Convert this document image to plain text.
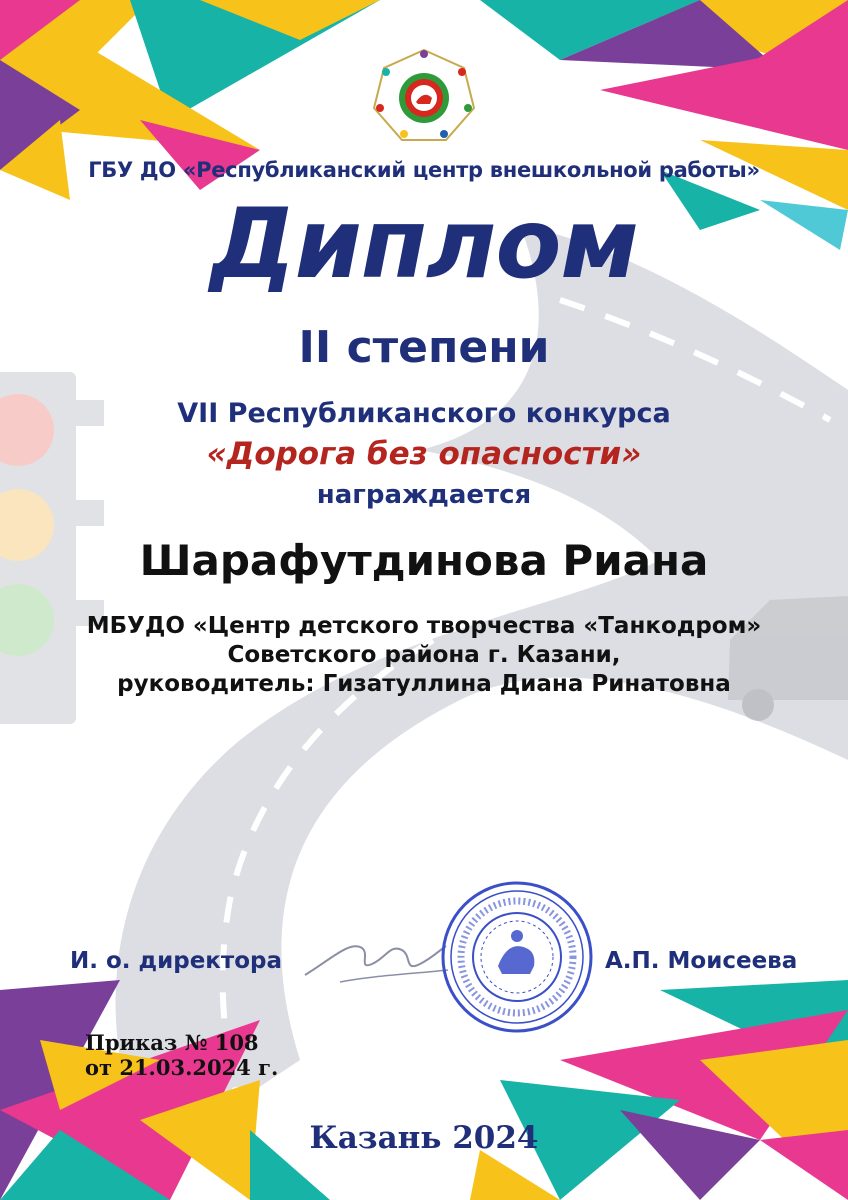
ГБУ ДО «Республиканский центр внешкольной работы»

Диплом
II степени

VII Республиканского конкурса

«Дорога без опасности»

награждается

Шарафутдинова Риана

МБУДО «Центр детского творчества «Танкодром»
Советского района г. Казани,
руководитель: Гизатуллина Диана Ринатовна

И. о. директора	А.П. Моисеева

Приказ № 108
от 21.03.2024 г.

Казань 2024
